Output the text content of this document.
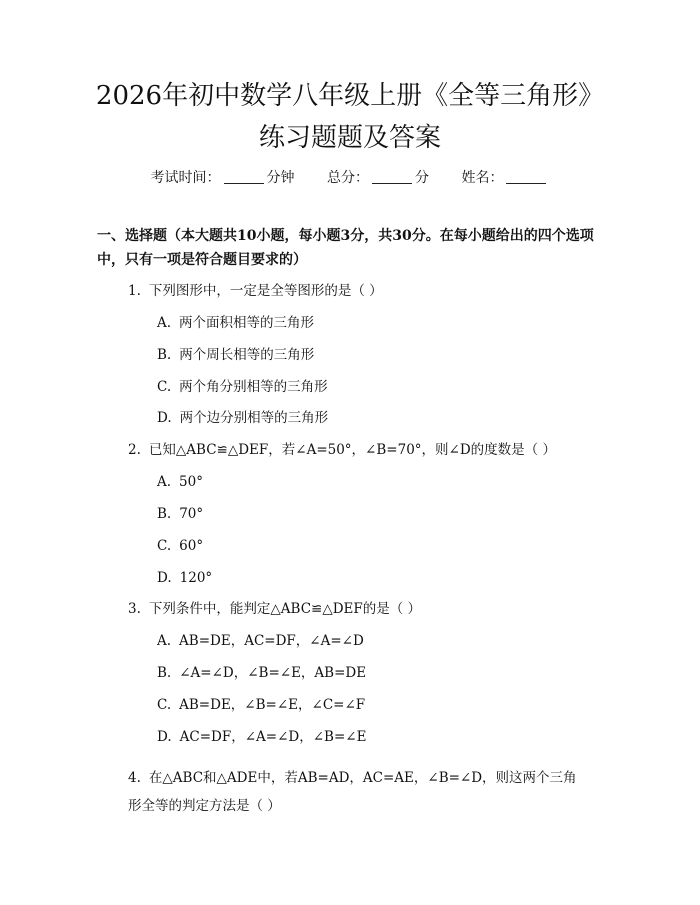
2026年初中数学八年级上册《全等三角形》
练习题题及答案
考试时间：	分钟 总分：	分 姓名：
一、选择题（本大题共10小题，每小题3分，共30分。在每小题给出的四个选项中，只有一项是符合题目要求的）
1. 下列图形中，一定是全等图形的是（ ）
A. 两个面积相等的三角形
B. 两个周长相等的三角形
C. 两个角分别相等的三角形
D. 两个边分别相等的三角形
2. 已知△ABC≌△DEF，若∠A=50°，∠B=70°，则∠D的度数是（ ）
A. 50°
B. 70°
C. 60°
D. 120°
3. 下列条件中，能判定△ABC≌△DEF的是（ ）
A. AB=DE，AC=DF，∠A=∠D
B. ∠A=∠D，∠B=∠E，AB=DE
C. AB=DE，∠B=∠E，∠C=∠F
D. AC=DF，∠A=∠D，∠B=∠E
4. 在△ABC和△ADE中，若AB=AD，AC=AE，∠B=∠D，则这两个三角形全等的判定方法是（ ）
